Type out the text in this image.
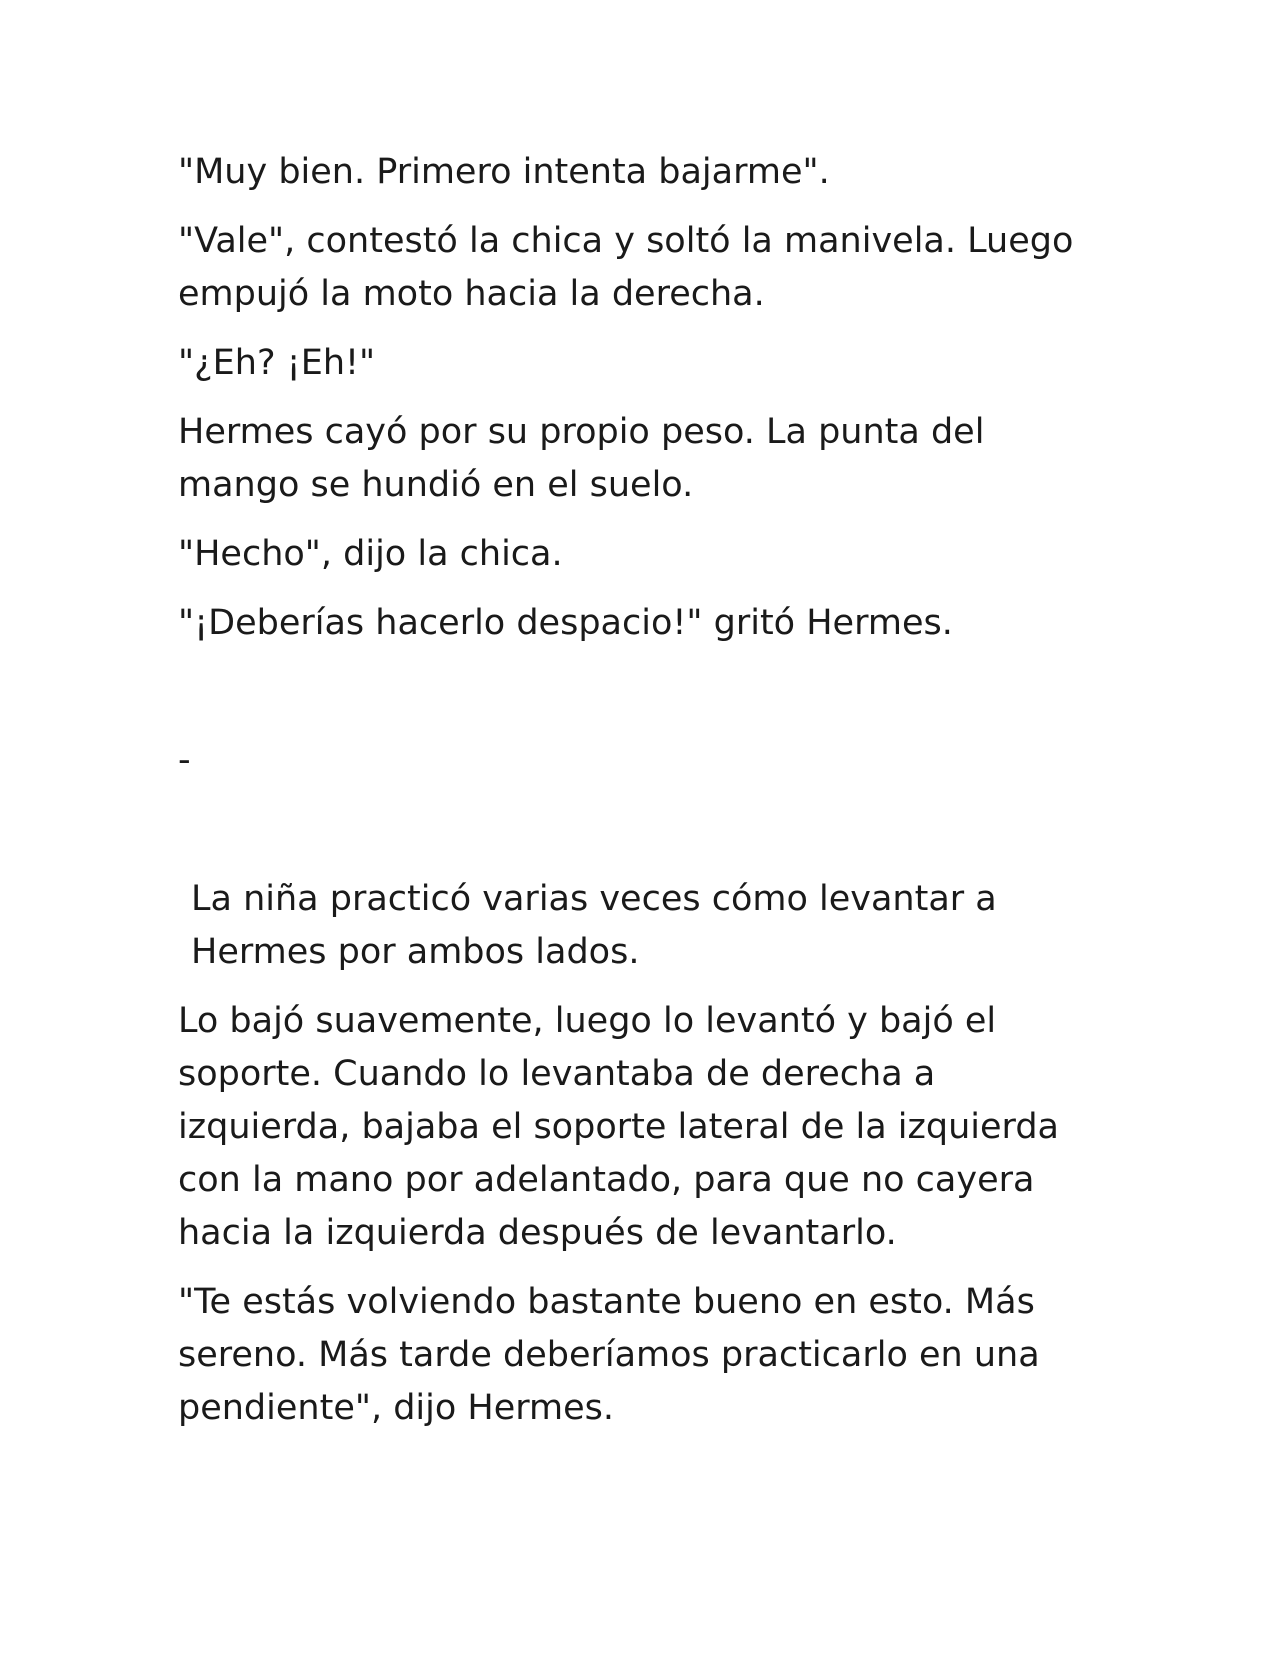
"Muy bien. Primero intenta bajarme".

"Vale", contestó la chica y soltó la manivela. Luego empujó la moto hacia la derecha.

"¿Eh? ¡Eh!"

Hermes cayó por su propio peso. La punta del mango se hundió en el suelo.

"Hecho", dijo la chica.

"¡Deberías hacerlo despacio!" gritó Hermes.

-

La niña practicó varias veces cómo levantar a Hermes por ambos lados.

Lo bajó suavemente, luego lo levantó y bajó el soporte. Cuando lo levantaba de derecha a izquierda, bajaba el soporte lateral de la izquierda con la mano por adelantado, para que no cayera hacia la izquierda después de levantarlo.

"Te estás volviendo bastante bueno en esto. Más sereno. Más tarde deberíamos practicarlo en una pendiente", dijo Hermes.
